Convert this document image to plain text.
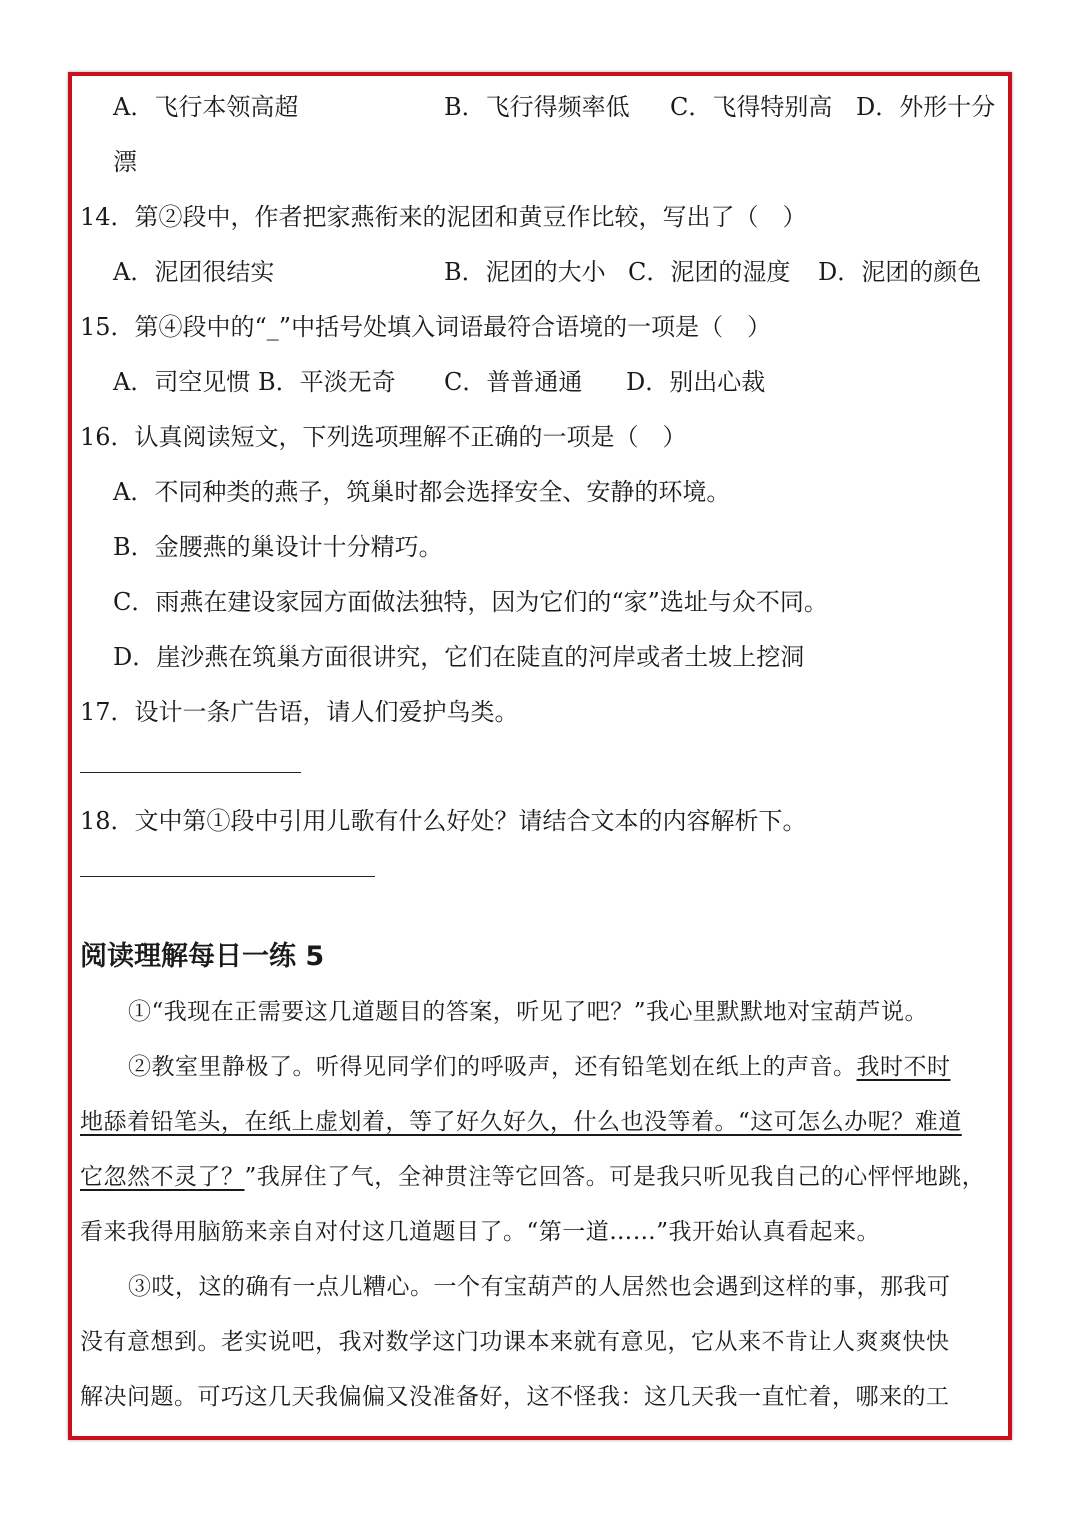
A．飞行本领高超	B．飞行得频率低 C．飞得特别高 D．外形十分
漂
14．第②段中，作者把家燕衔来的泥团和黄豆作比较，写出了（　）
A．泥团很结实	B．泥团的大小 C．泥团的湿度 D．泥团的颜色
15．第④段中的“_”中括号处填入词语最符合语境的一项是（　）
A．司空见惯 B．平淡无奇 C．普普通通 D．别出心裁
16．认真阅读短文，下列选项理解不正确的一项是（　）
A．不同种类的燕子，筑巢时都会选择安全、安静的环境。
B．金腰燕的巢设计十分精巧。
C．雨燕在建设家园方面做法独特，因为它们的“家”选址与众不同。
D．崖沙燕在筑巢方面很讲究，它们在陡直的河岸或者土坡上挖洞
17．设计一条广告语，请人们爱护鸟类。
18．文中第①段中引用儿歌有什么好处？请结合文本的内容解析下。
阅读理解每日一练 5
①“我现在正需要这几道题目的答案，听见了吧？”我心里默默地对宝葫芦说。
②教室里静极了。听得见同学们的呼吸声，还有铅笔划在纸上的声音。我时不时
地舔着铅笔头，在纸上虚划着，等了好久好久，什么也没等着。“这可怎么办呢？难道
它忽然不灵了？”我屏住了气，全神贯注等它回答。可是我只听见我自己的心怦怦地跳，
看来我得用脑筋来亲自对付这几道题目了。“第一道……”我开始认真看起来。
③哎，这的确有一点儿糟心。一个有宝葫芦的人居然也会遇到这样的事，那我可
没有意想到。老实说吧，我对数学这门功课本来就有意见，它从来不肯让人爽爽快快
解决问题。可巧这几天我偏偏又没准备好，这不怪我：这几天我一直忙着，哪来的工
